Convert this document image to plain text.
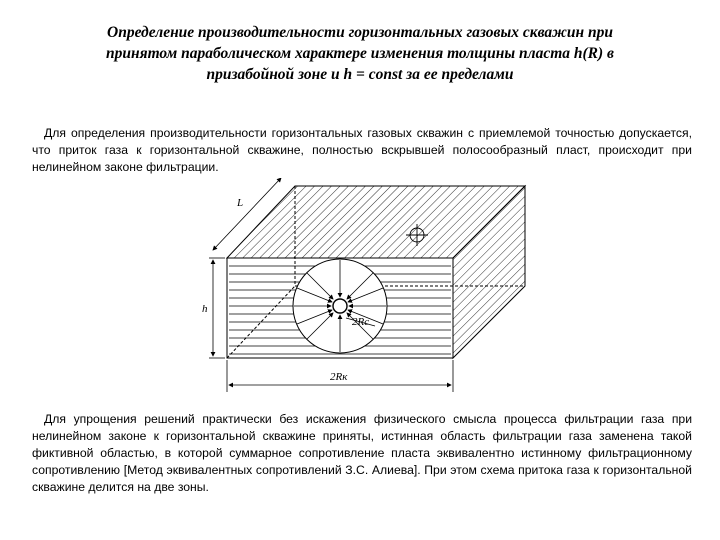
Определение производительности горизонтальных газовых скважин при
принятом параболическом характере изменения толщины пласта h(R) в
призабойной зоне и h = const за ее пределами
Для определения производительности горизонтальных газовых скважин с приемлемой точностью допускается, что приток газа к горизонтальной скважине, полностью вскрывшей полосообразный пласт, происходит при нелинейном законе фильтрации.
L
h
2Rс
2Rк
Для упрощения решений практически без искажения физического смысла процесса фильтрации газа при нелинейном законе к горизонтальной скважине приняты, истинная область фильтрации газа заменена такой фиктивной областью, в которой суммарное сопротивление пласта эквивалентно истинному фильтрационному сопротивлению [Метод эквивалентных сопротивлений З.С. Алиева]. При этом схема притока газа к горизонтальной скважине делится на две зоны.
